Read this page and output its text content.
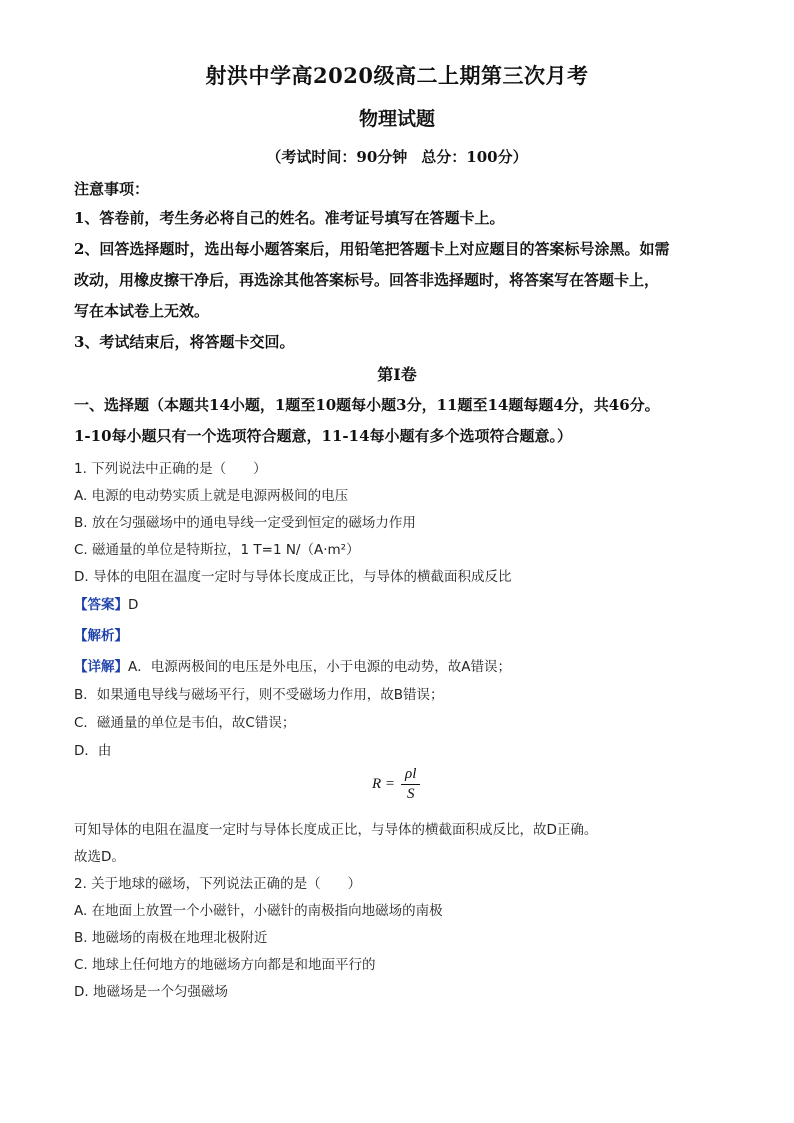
射洪中学高2020级高二上期第三次月考
物理试题
（考试时间：90分钟 总分：100分）
注意事项：
1、答卷前，考生务必将自己的姓名。准考证号填写在答题卡上。
2、回答选择题时，选出每小题答案后，用铅笔把答题卡上对应题目的答案标号涂黑。如需
改动，用橡皮擦干净后，再选涂其他答案标号。回答非选择题时，将答案写在答题卡上，
写在本试卷上无效。
3、考试结束后，将答题卡交回。
第I卷
一、选择题（本题共14小题，1题至10题每小题3分，11题至14题每题4分，共46分。
1-10每小题只有一个选项符合题意，11-14每小题有多个选项符合题意。）
1. 下列说法中正确的是（　　）
A. 电源的电动势实质上就是电源两极间的电压
B. 放在匀强磁场中的通电导线一定受到恒定的磁场力作用
C. 磁通量的单位是特斯拉，1 T=1 N/（A·m²）
D. 导体的电阻在温度一定时与导体长度成正比，与导体的横截面积成反比
【答案】D
【解析】
【详解】A．电源两极间的电压是外电压，小于电源的电动势，故A错误；
B．如果通电导线与磁场平行，则不受磁场力作用，故B错误；
C．磁通量的单位是韦伯，故C错误；
D．由
$R = \frac{\rho l}{S}$
可知导体的电阻在温度一定时与导体长度成正比，与导体的横截面积成反比，故D正确。
故选D。
2. 关于地球的磁场，下列说法正确的是（　　）
A. 在地面上放置一个小磁针，小磁针的南极指向地磁场的南极
B. 地磁场的南极在地理北极附近
C. 地球上任何地方的地磁场方向都是和地面平行的
D. 地磁场是一个匀强磁场
